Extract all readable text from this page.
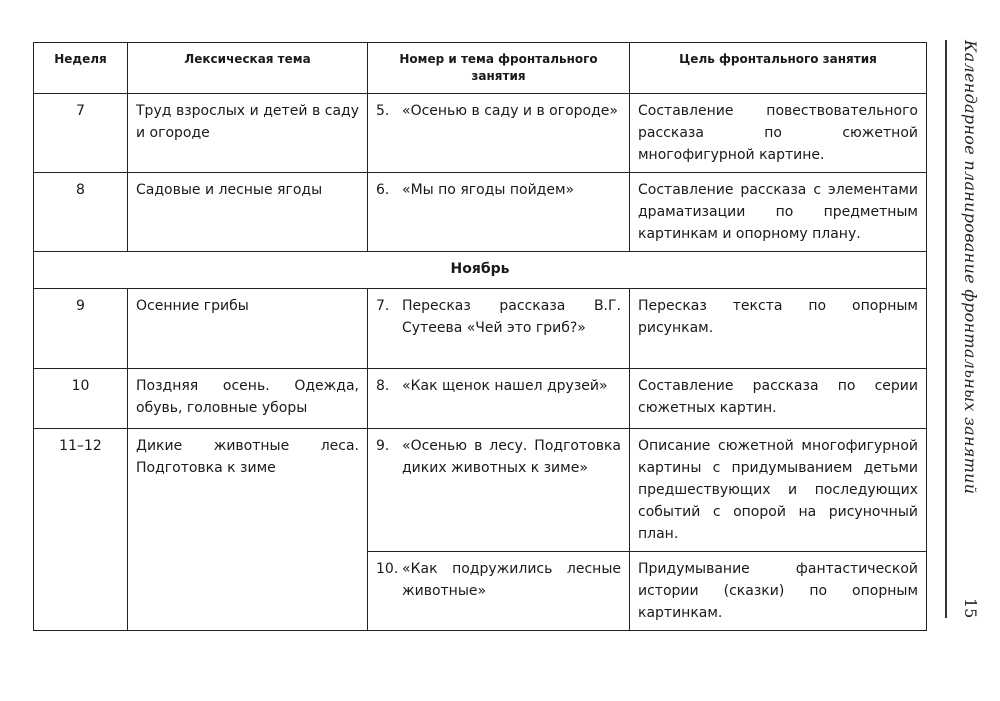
Неделя	Лексическая тема	Номер и тема фронтального занятия	Цель фронтального занятия
7	Труд взрослых и детей в саду и огороде	5. «Осенью в саду и в огороде»	Составление повествовательного рассказа по сюжетной многофигурной картине.
8	Садовые и лесные ягоды	6. «Мы по ягоды пойдем»	Составление рассказа с элементами драматизации по предметным картинкам и опорному плану.
Ноябрь			
9	Осенние грибы	7. Пересказ рассказа В.Г. Сутеева «Чей это гриб?»	Пересказ текста по опорным рисункам.
10	Поздняя осень. Одежда, обувь, головные уборы	8. «Как щенок нашел друзей»	Составление рассказа по серии сюжетных картин.
11–12	Дикие животные леса. Подготовка к зиме	9. «Осенью в лесу. Подготовка диких животных к зиме»	Описание сюжетной многофигурной картины с придумыванием детьми предшествующих и последующих событий с опорой на рисуночный план.

		10. «Как подружились лесные животные»	Придумывание фантастической истории (сказки) по опорным картинкам.
Календарное планирование фронтальных занятий
15
